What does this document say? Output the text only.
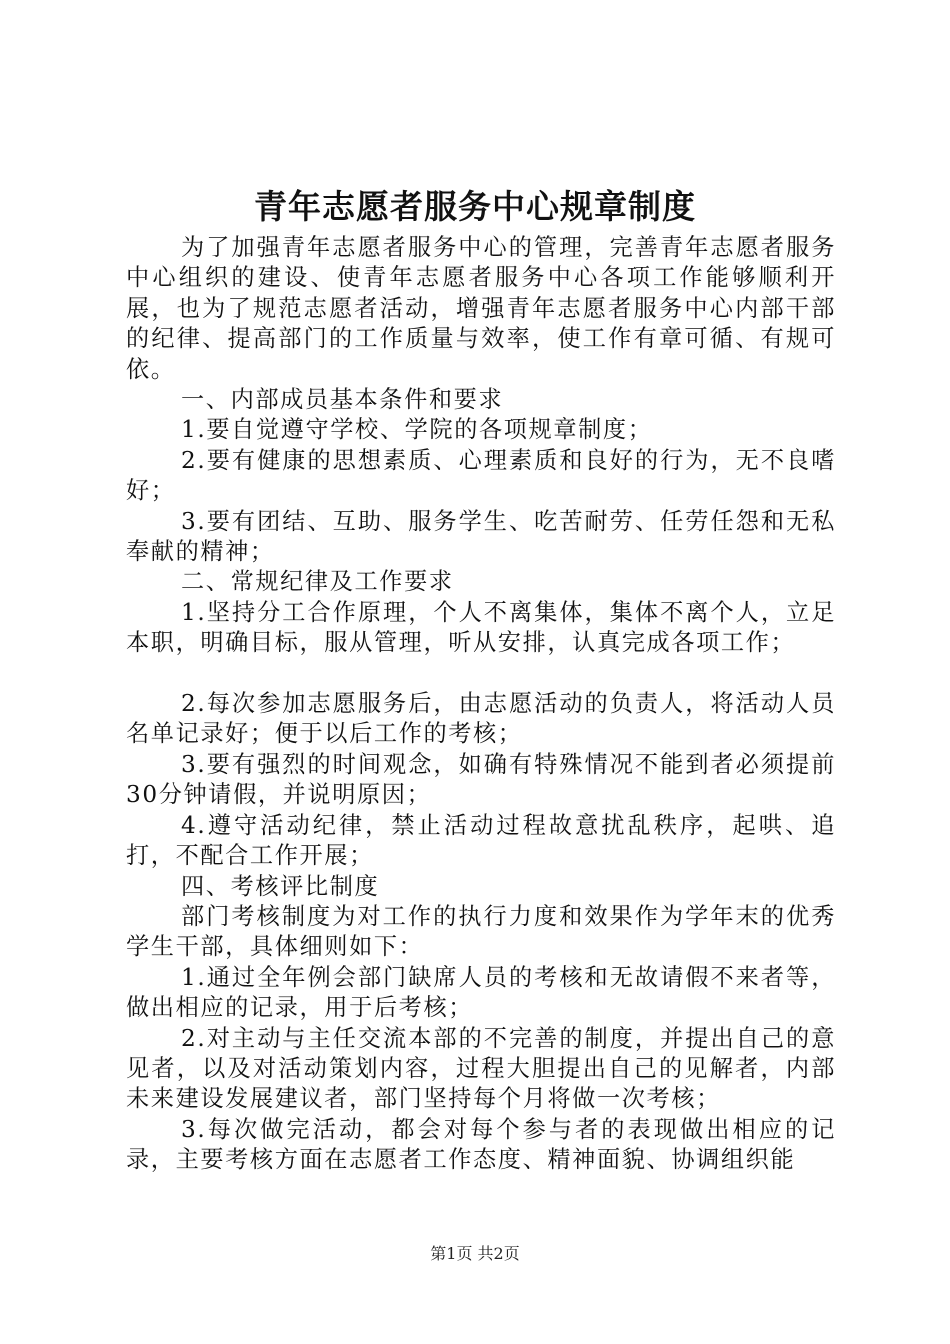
青年志愿者服务中心规章制度

为了加强青年志愿者服务中心的管理，完善青年志愿者服务中心组织的建设、使青年志愿者服务中心各项工作能够顺利开展，也为了规范志愿者活动，增强青年志愿者服务中心内部干部的纪律、提高部门的工作质量与效率，使工作有章可循、有规可依。

一、内部成员基本条件和要求

1.要自觉遵守学校、学院的各项规章制度；

2.要有健康的思想素质、心理素质和良好的行为，无不良嗜好；

3.要有团结、互助、服务学生、吃苦耐劳、任劳任怨和无私奉献的精神；

二、常规纪律及工作要求

1.坚持分工合作原理，个人不离集体，集体不离个人，立足本职，明确目标，服从管理，听从安排，认真完成各项工作；

2.每次参加志愿服务后，由志愿活动的负责人，将活动人员名单记录好；便于以后工作的考核；

3.要有强烈的时间观念，如确有特殊情况不能到者必须提前30分钟请假，并说明原因；

4.遵守活动纪律，禁止活动过程故意扰乱秩序，起哄、追打，不配合工作开展；

四、考核评比制度

部门考核制度为对工作的执行力度和效果作为学年末的优秀学生干部，具体细则如下：

1.通过全年例会部门缺席人员的考核和无故请假不来者等，做出相应的记录，用于后考核；

2.对主动与主任交流本部的不完善的制度，并提出自己的意见者，以及对活动策划内容，过程大胆提出自己的见解者，内部未来建设发展建议者，部门坚持每个月将做一次考核；

3.每次做完活动，都会对每个参与者的表现做出相应的记录，主要考核方面在志愿者工作态度、精神面貌、协调组织能

第1页 共2页
